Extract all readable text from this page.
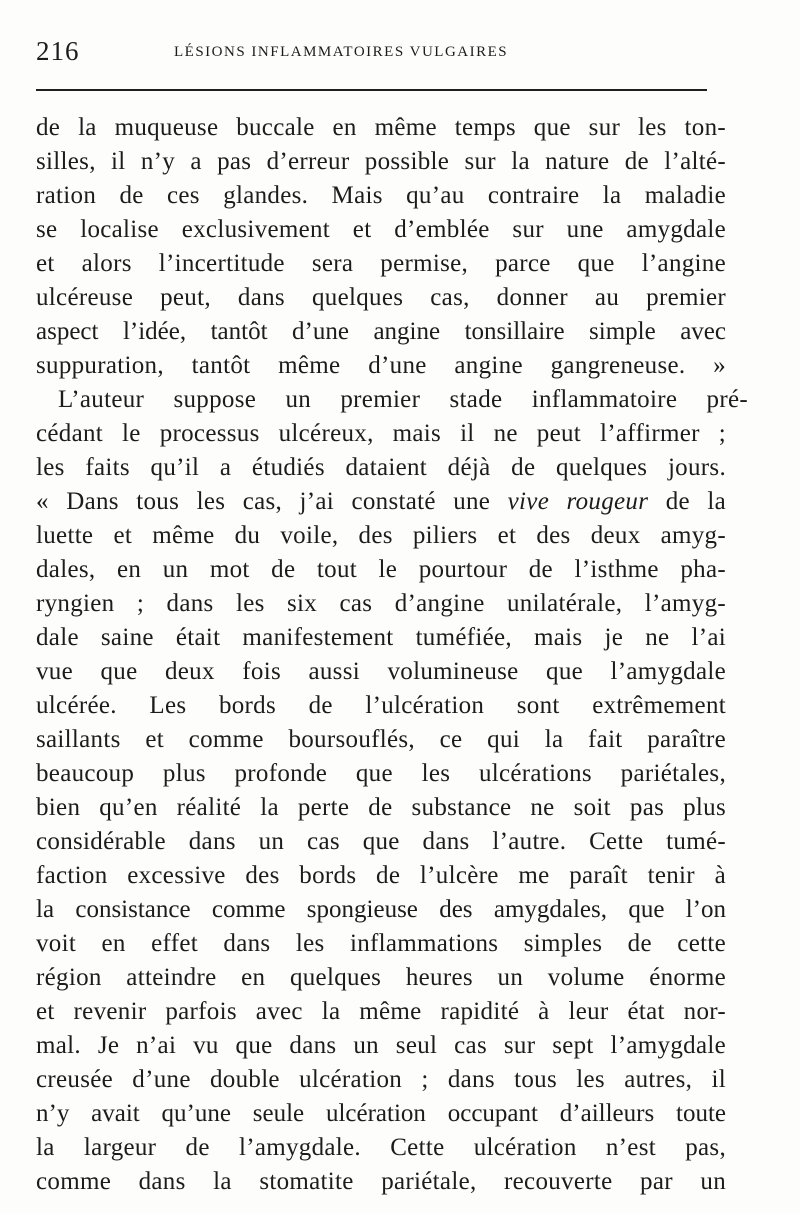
216	LÉSIONS INFLAMMATOIRES VULGAIRES
de la muqueuse buccale en même temps que sur les ton-
silles, il n’y a pas d’erreur possible sur la nature de l’alté-
ration de ces glandes. Mais qu’au contraire la maladie
se localise exclusivement et d’emblée sur une amygdale
et alors l’incertitude sera permise, parce que l’angine
ulcéreuse peut, dans quelques cas, donner au premier
aspect l’idée, tantôt d’une angine tonsillaire simple avec
suppuration, tantôt même d’une angine gangreneuse. »
L’auteur suppose un premier stade inflammatoire pré-
cédant le processus ulcéreux, mais il ne peut l’affirmer ;
les faits qu’il a étudiés dataient déjà de quelques jours.
« Dans tous les cas, j’ai constaté une vive rougeur de la
luette et même du voile, des piliers et des deux amyg-
dales, en un mot de tout le pourtour de l’isthme pha-
ryngien ; dans les six cas d’angine unilatérale, l’amyg-
dale saine était manifestement tuméfiée, mais je ne l’ai
vue que deux fois aussi volumineuse que l’amygdale
ulcérée. Les bords de l’ulcération sont extrêmement
saillants et comme boursouflés, ce qui la fait paraître
beaucoup plus profonde que les ulcérations pariétales,
bien qu’en réalité la perte de substance ne soit pas plus
considérable dans un cas que dans l’autre. Cette tumé-
faction excessive des bords de l’ulcère me paraît tenir à
la consistance comme spongieuse des amygdales, que l’on
voit en effet dans les inflammations simples de cette
région atteindre en quelques heures un volume énorme
et revenir parfois avec la même rapidité à leur état nor-
mal. Je n’ai vu que dans un seul cas sur sept l’amygdale
creusée d’une double ulcération ; dans tous les autres, il
n’y avait qu’une seule ulcération occupant d’ailleurs toute
la largeur de l’amygdale. Cette ulcération n’est pas,
comme dans la stomatite pariétale, recouverte par un
